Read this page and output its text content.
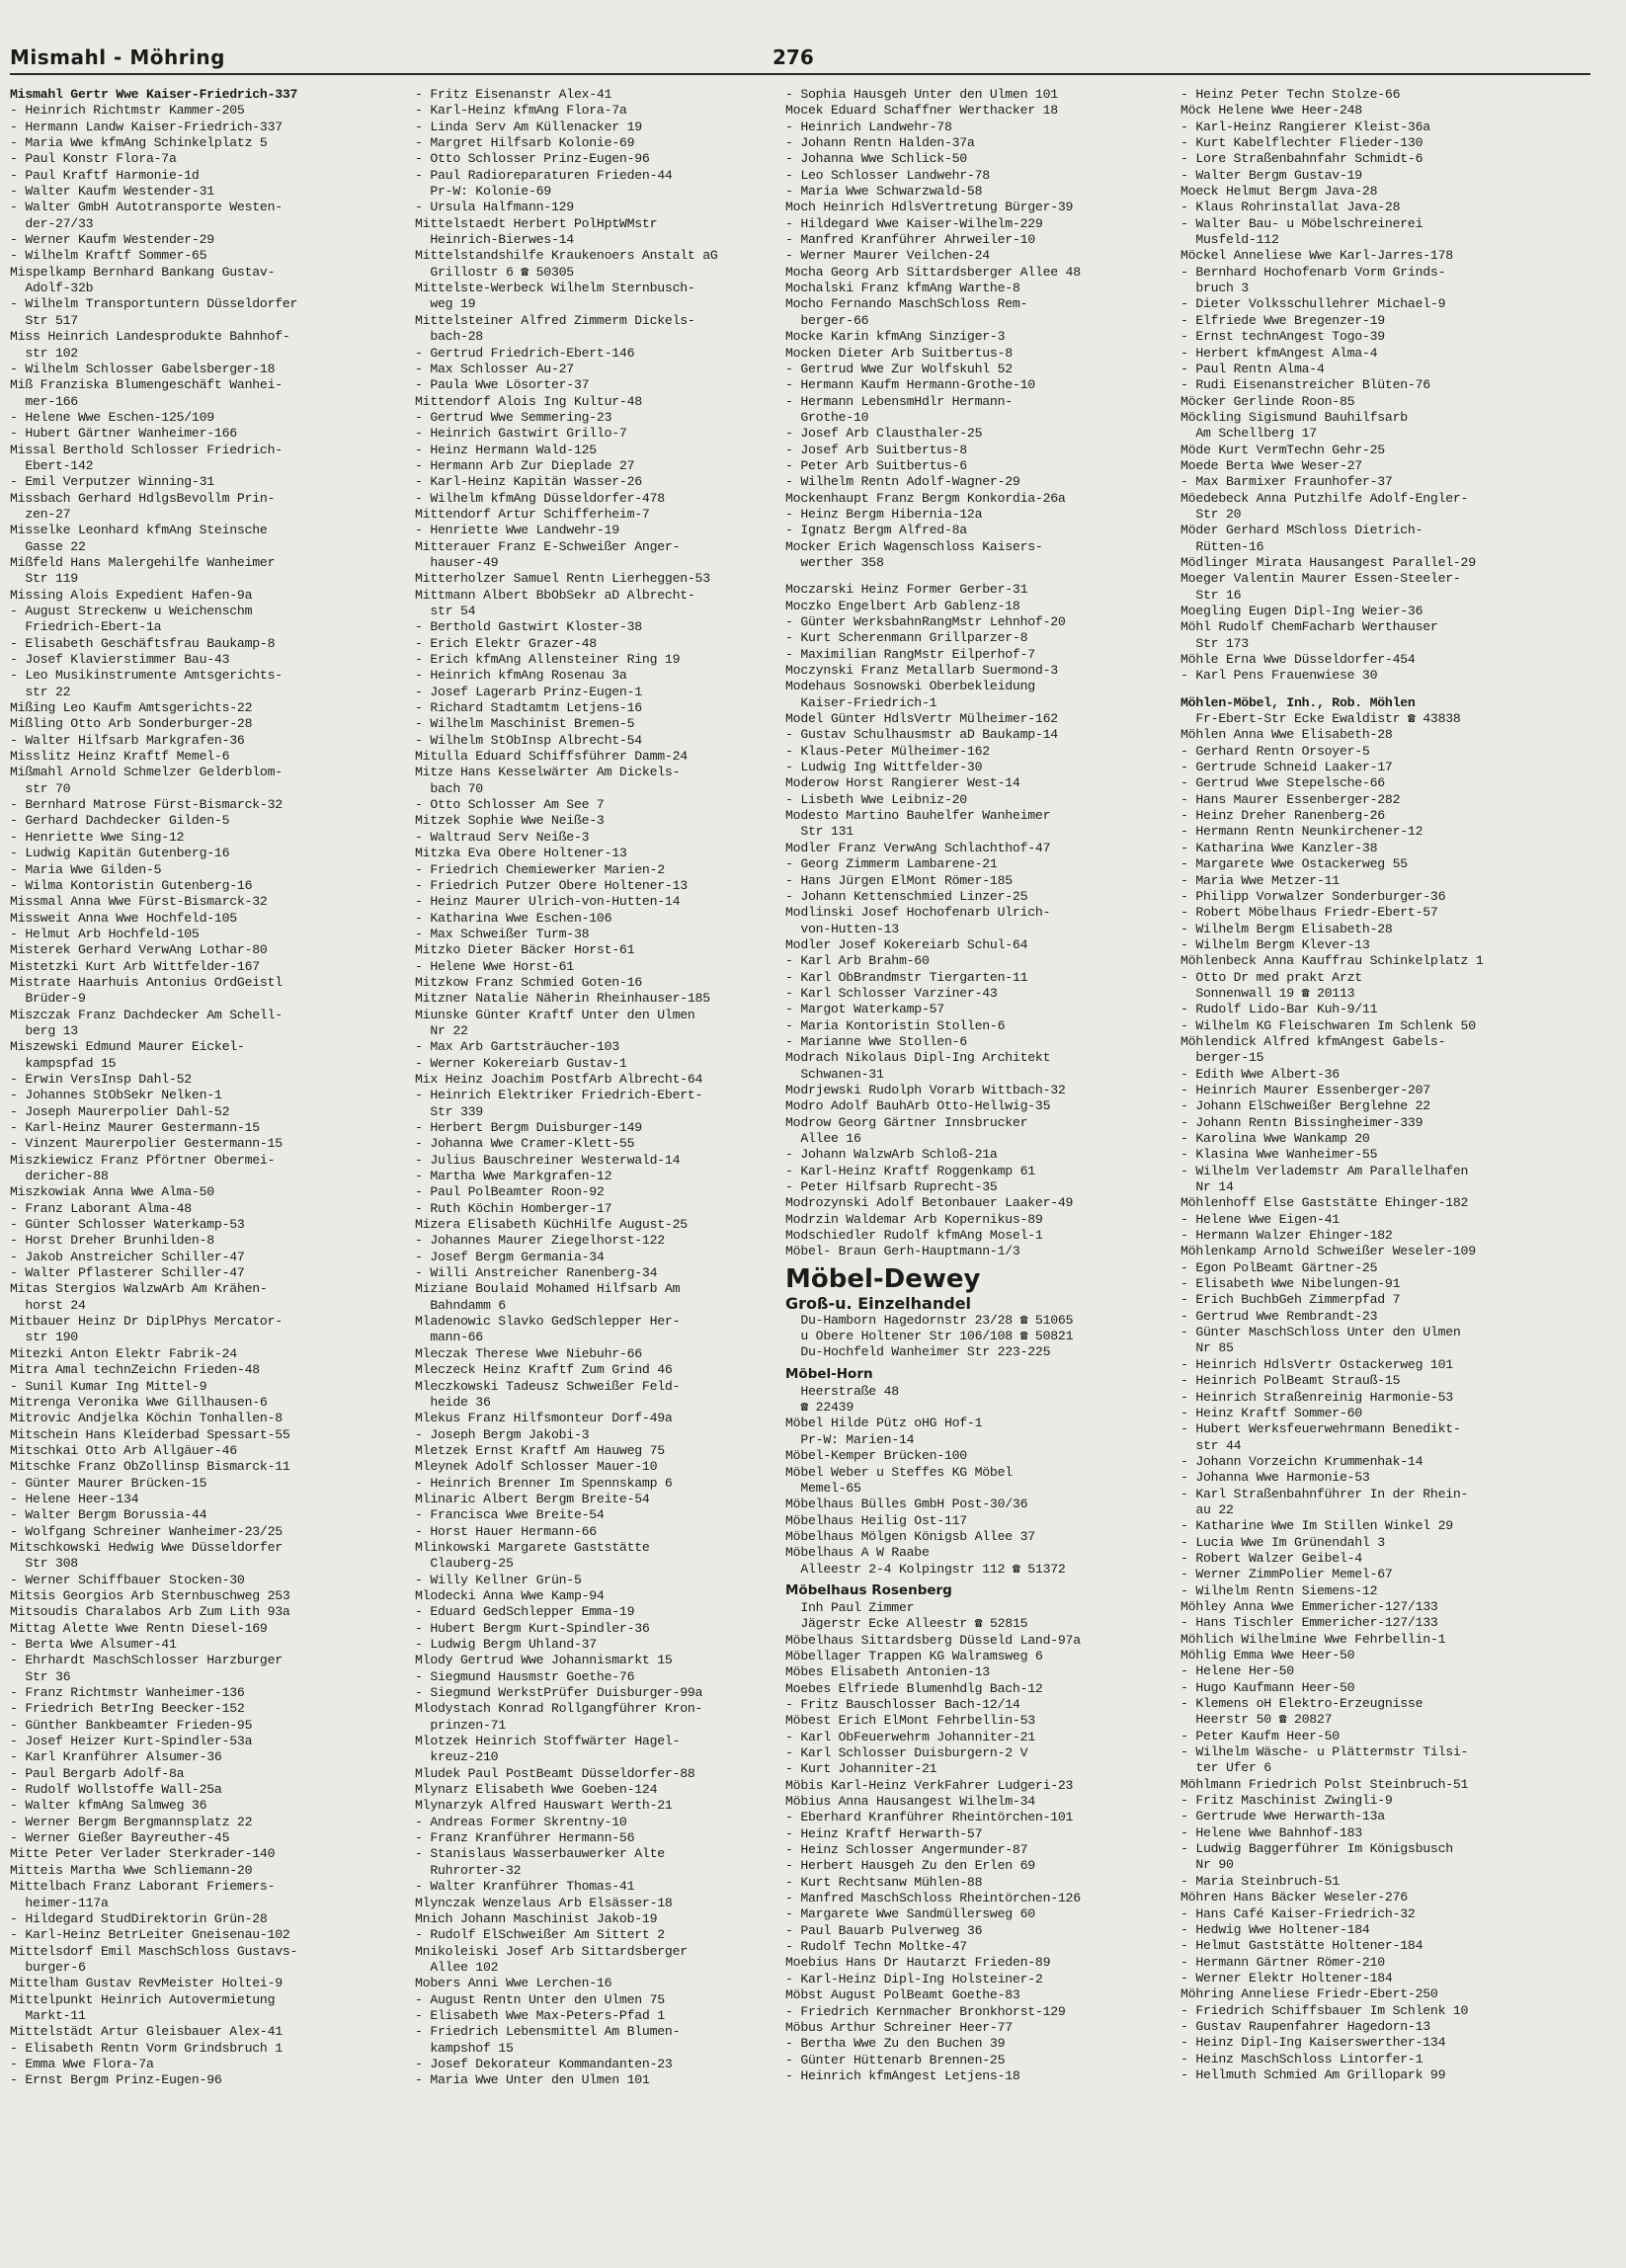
Mismahl - Möhring	276
Mismahl Gertr Wwe Kaiser-Friedrich-337
- Heinrich Richtmstr Kammer-205
- Hermann Landw Kaiser-Friedrich-337
- Maria Wwe kfmAng Schinkelplatz 5
- Paul Konstr Flora-7a
- Paul Kraftf Harmonie-1d
- Walter Kaufm Westender-31
- Walter GmbH Autotransporte Westen-
der-27/33
- Werner Kaufm Westender-29
- Wilhelm Kraftf Sommer-65
Mispelkamp Bernhard Bankang Gustav-
Adolf-32b
- Wilhelm Transportuntern Düsseldorfer
Str 517
Miss Heinrich Landesprodukte Bahnhof-
str 102
- Wilhelm Schlosser Gabelsberger-18
Miß Franziska Blumengeschäft Wanhei-
mer-166
- Helene Wwe Eschen-125/109
- Hubert Gärtner Wanheimer-166
Missal Berthold Schlosser Friedrich-
Ebert-142
- Emil Verputzer Winning-31
Missbach Gerhard HdlgsBevollm Prin-
zen-27
Misselke Leonhard kfmAng Steinsche
Gasse 22
Mißfeld Hans Malergehilfe Wanheimer
Str 119
Missing Alois Expedient Hafen-9a
- August Streckenw u Weichenschm
Friedrich-Ebert-1a
- Elisabeth Geschäftsfrau Baukamp-8
- Josef Klavierstimmer Bau-43
- Leo Musikinstrumente Amtsgerichts-
str 22
Mißing Leo Kaufm Amtsgerichts-22
Mißling Otto Arb Sonderburger-28
- Walter Hilfsarb Markgrafen-36
Misslitz Heinz Kraftf Memel-6
Mißmahl Arnold Schmelzer Gelderblom-
str 70
- Bernhard Matrose Fürst-Bismarck-32
- Gerhard Dachdecker Gilden-5
- Henriette Wwe Sing-12
- Ludwig Kapitän Gutenberg-16
- Maria Wwe Gilden-5
- Wilma Kontoristin Gutenberg-16
Missmal Anna Wwe Fürst-Bismarck-32
Missweit Anna Wwe Hochfeld-105
- Helmut Arb Hochfeld-105
Misterek Gerhard VerwAng Lothar-80
Mistetzki Kurt Arb Wittfelder-167
Mistrate Haarhuis Antonius OrdGeistl
Brüder-9
Miszczak Franz Dachdecker Am Schell-
berg 13
Miszewski Edmund Maurer Eickel-
kampspfad 15
- Erwin VersInsp Dahl-52
- Johannes StObSekr Nelken-1
- Joseph Maurerpolier Dahl-52
- Karl-Heinz Maurer Gestermann-15
- Vinzent Maurerpolier Gestermann-15
Miszkiewicz Franz Pförtner Obermei-
dericher-88
Miszkowiak Anna Wwe Alma-50
- Franz Laborant Alma-48
- Günter Schlosser Waterkamp-53
- Horst Dreher Brunhilden-8
- Jakob Anstreicher Schiller-47
- Walter Pflasterer Schiller-47
Mitas Stergios WalzwArb Am Krähen-
horst 24
Mitbauer Heinz Dr DiplPhys Mercator-
str 190
Mitezki Anton Elektr Fabrik-24
Mitra Amal technZeichn Frieden-48
- Sunil Kumar Ing Mittel-9
Mitrenga Veronika Wwe Gillhausen-6
Mitrovic Andjelka Köchin Tonhallen-8
Mitschein Hans Kleiderbad Spessart-55
Mitschkai Otto Arb Allgäuer-46
Mitschke Franz ObZollinsp Bismarck-11
- Günter Maurer Brücken-15
- Helene Heer-134
- Walter Bergm Borussia-44
- Wolfgang Schreiner Wanheimer-23/25
Mitschkowski Hedwig Wwe Düsseldorfer
Str 308
- Werner Schiffbauer Stocken-30
Mitsis Georgios Arb Sternbuschweg 253
Mitsoudis Charalabos Arb Zum Lith 93a
Mittag Alette Wwe Rentn Diesel-169
- Berta Wwe Alsumer-41
- Ehrhardt MaschSchlosser Harzburger
Str 36
- Franz Richtmstr Wanheimer-136
- Friedrich BetrIng Beecker-152
- Günther Bankbeamter Frieden-95
- Josef Heizer Kurt-Spindler-53a
- Karl Kranführer Alsumer-36
- Paul Bergarb Adolf-8a
- Rudolf Wollstoffe Wall-25a
- Walter kfmAng Salmweg 36
- Werner Bergm Bergmannsplatz 22
- Werner Gießer Bayreuther-45
Mitte Peter Verlader Sterkrader-140
Mitteis Martha Wwe Schliemann-20
Mittelbach Franz Laborant Friemers-
heimer-117a
- Hildegard StudDirektorin Grün-28
- Karl-Heinz BetrLeiter Gneisenau-102
Mittelsdorf Emil MaschSchloss Gustavs-
burger-6
Mittelham Gustav RevMeister Holtei-9
Mittelpunkt Heinrich Autovermietung
Markt-11
Mittelstädt Artur Gleisbauer Alex-41
- Elisabeth Rentn Vorm Grindsbruch 1
- Emma Wwe Flora-7a
- Ernst Bergm Prinz-Eugen-96
- Fritz Eisenanstr Alex-41
- Karl-Heinz kfmAng Flora-7a
- Linda Serv Am Küllenacker 19
- Margret Hilfsarb Kolonie-69
- Otto Schlosser Prinz-Eugen-96
- Paul Radioreparaturen Frieden-44
Pr-W: Kolonie-69
- Ursula Halfmann-129
Mittelstaedt Herbert PolHptWMstr
Heinrich-Bierwes-14
Mittelstandshilfe Kraukenoers Anstalt aG
Grillostr 6 ☎ 50305
Mittelste-Werbeck Wilhelm Sternbusch-
weg 19
Mittelsteiner Alfred Zimmerm Dickels-
bach-28
- Gertrud Friedrich-Ebert-146
- Max Schlosser Au-27
- Paula Wwe Lösorter-37
Mittendorf Alois Ing Kultur-48
- Gertrud Wwe Semmering-23
- Heinrich Gastwirt Grillo-7
- Heinz Hermann Wald-125
- Hermann Arb Zur Dieplade 27
- Karl-Heinz Kapitän Wasser-26
- Wilhelm kfmAng Düsseldorfer-478
Mittendorf Artur Schifferheim-7
- Henriette Wwe Landwehr-19
Mitterauer Franz E-Schweißer Anger-
hauser-49
Mitterholzer Samuel Rentn Lierheggen-53
Mittmann Albert BbObSekr aD Albrecht-
str 54
- Berthold Gastwirt Kloster-38
- Erich Elektr Grazer-48
- Erich kfmAng Allensteiner Ring 19
- Heinrich kfmAng Rosenau 3a
- Josef Lagerarb Prinz-Eugen-1
- Richard Stadtamtm Letjens-16
- Wilhelm Maschinist Bremen-5
- Wilhelm StObInsp Albrecht-54
Mitulla Eduard Schiffsführer Damm-24
Mitze Hans Kesselwärter Am Dickels-
bach 70
- Otto Schlosser Am See 7
Mitzek Sophie Wwe Neiße-3
- Waltraud Serv Neiße-3
Mitzka Eva Obere Holtener-13
- Friedrich Chemiewerker Marien-2
- Friedrich Putzer Obere Holtener-13
- Heinz Maurer Ulrich-von-Hutten-14
- Katharina Wwe Eschen-106
- Max Schweißer Turm-38
Mitzko Dieter Bäcker Horst-61
- Helene Wwe Horst-61
Mitzkow Franz Schmied Goten-16
Mitzner Natalie Näherin Rheinhauser-185
Miunske Günter Kraftf Unter den Ulmen
Nr 22
- Max Arb Gartsträucher-103
- Werner Kokereiarb Gustav-1
Mix Heinz Joachim PostfArb Albrecht-64
- Heinrich Elektriker Friedrich-Ebert-
Str 339
- Herbert Bergm Duisburger-149
- Johanna Wwe Cramer-Klett-55
- Julius Bauschreiner Westerwald-14
- Martha Wwe Markgrafen-12
- Paul PolBeamter Roon-92
- Ruth Köchin Homberger-17
Mizera Elisabeth KüchHilfe August-25
- Johannes Maurer Ziegelhorst-122
- Josef Bergm Germania-34
- Willi Anstreicher Ranenberg-34
Miziane Boulaid Mohamed Hilfsarb Am
Bahndamm 6
Mladenowic Slavko GedSchlepper Her-
mann-66
Mleczak Therese Wwe Niebuhr-66
Mleczeck Heinz Kraftf Zum Grind 46
Mleczkowski Tadeusz Schweißer Feld-
heide 36
Mlekus Franz Hilfsmonteur Dorf-49a
- Joseph Bergm Jakobi-3
Mletzek Ernst Kraftf Am Hauweg 75
Mleynek Adolf Schlosser Mauer-10
- Heinrich Brenner Im Spennskamp 6
Mlinaric Albert Bergm Breite-54
- Francisca Wwe Breite-54
- Horst Hauer Hermann-66
Mlinkowski Margarete Gaststätte
Clauberg-25
- Willy Kellner Grün-5
Mlodecki Anna Wwe Kamp-94
- Eduard GedSchlepper Emma-19
- Hubert Bergm Kurt-Spindler-36
- Ludwig Bergm Uhland-37
Mlody Gertrud Wwe Johannismarkt 15
- Siegmund Hausmstr Goethe-76
- Siegmund WerkstPrüfer Duisburger-99a
Mlodystach Konrad Rollgangführer Kron-
prinzen-71
Mlotzek Heinrich Stoffwärter Hagel-
kreuz-210
Mludek Paul PostBeamt Düsseldorfer-88
Mlynarz Elisabeth Wwe Goeben-124
Mlynarzyk Alfred Hauswart Werth-21
- Andreas Former Skrentny-10
- Franz Kranführer Hermann-56
- Stanislaus Wasserbauwerker Alte
Ruhrorter-32
- Walter Kranführer Thomas-41
Mlynczak Wenzelaus Arb Elsässer-18
Mnich Johann Maschinist Jakob-19
- Rudolf ElSchweißer Am Sittert 2
Mnikoleiski Josef Arb Sittardsberger
Allee 102
Mobers Anni Wwe Lerchen-16
- August Rentn Unter den Ulmen 75
- Elisabeth Wwe Max-Peters-Pfad 1
- Friedrich Lebensmittel Am Blumen-
kampshof 15
- Josef Dekorateur Kommandanten-23
- Maria Wwe Unter den Ulmen 101
- Sophia Hausgeh Unter den Ulmen 101
Mocek Eduard Schaffner Werthacker 18
- Heinrich Landwehr-78
- Johann Rentn Halden-37a
- Johanna Wwe Schlick-50
- Leo Schlosser Landwehr-78
- Maria Wwe Schwarzwald-58
Moch Heinrich HdlsVertretung Bürger-39
- Hildegard Wwe Kaiser-Wilhelm-229
- Manfred Kranführer Ahrweiler-10
- Werner Maurer Veilchen-24
Mocha Georg Arb Sittardsberger Allee 48
Mochalski Franz kfmAng Warthe-8
Mocho Fernando MaschSchloss Rem-
berger-66
Mocke Karin kfmAng Sinziger-3
Mocken Dieter Arb Suitbertus-8
- Gertrud Wwe Zur Wolfskuhl 52
- Hermann Kaufm Hermann-Grothe-10
- Hermann LebensmHdlr Hermann-
Grothe-10
- Josef Arb Clausthaler-25
- Josef Arb Suitbertus-8
- Peter Arb Suitbertus-6
- Wilhelm Rentn Adolf-Wagner-29
Mockenhaupt Franz Bergm Konkordia-26a
- Heinz Bergm Hibernia-12a
- Ignatz Bergm Alfred-8a
Mocker Erich Wagenschloss Kaisers-
werther 358
Moczarski Heinz Former Gerber-31
Moczko Engelbert Arb Gablenz-18
- Günter WerksbahnRangMstr Lehnhof-20
- Kurt Scherenmann Grillparzer-8
- Maximilian RangMstr Eilperhof-7
Moczynski Franz Metallarb Suermond-3
Modehaus Sosnowski Oberbekleidung
Kaiser-Friedrich-1
Model Günter HdlsVertr Mülheimer-162
- Gustav Schulhausmstr aD Baukamp-14
- Klaus-Peter Mülheimer-162
- Ludwig Ing Wittfelder-30
Moderow Horst Rangierer West-14
- Lisbeth Wwe Leibniz-20
Modesto Martino Bauhelfer Wanheimer
Str 131
Modler Franz VerwAng Schlachthof-47
- Georg Zimmerm Lambarene-21
- Hans Jürgen ElMont Römer-185
- Johann Kettenschmied Linzer-25
Modlinski Josef Hochofenarb Ulrich-
von-Hutten-13
Modler Josef Kokereiarb Schul-64
- Karl Arb Brahm-60
- Karl ObBrandmstr Tiergarten-11
- Karl Schlosser Varziner-43
- Margot Waterkamp-57
- Maria Kontoristin Stollen-6
- Marianne Wwe Stollen-6
Modrach Nikolaus Dipl-Ing Architekt
Schwanen-31
Modrjewski Rudolph Vorarb Wittbach-32
Modro Adolf BauhArb Otto-Hellwig-35
Modrow Georg Gärtner Innsbrucker
Allee 16
- Johann WalzwArb Schloß-21a
- Karl-Heinz Kraftf Roggenkamp 61
- Peter Hilfsarb Ruprecht-35
Modrozynski Adolf Betonbauer Laaker-49
Modrzin Waldemar Arb Kopernikus-89
Modschiedler Rudolf kfmAng Mosel-1
Möbel- Braun Gerh-Hauptmann-1/3
Möbel-Dewey
Groß-u. Einzelhandel
Du-Hamborn Hagedornstr 23/28 ☎ 51065
u Obere Holtener Str 106/108 ☎ 50821
Du-Hochfeld Wanheimer Str 223-225
Möbel-Horn
Heerstraße 48
☎ 22439
Möbel Hilde Pütz oHG Hof-1
Pr-W: Marien-14
Möbel-Kemper Brücken-100
Möbel Weber u Steffes KG Möbel
Memel-65
Möbelhaus Bülles GmbH Post-30/36
Möbelhaus Heilig Ost-117
Möbelhaus Mölgen Königsb Allee 37
Möbelhaus A W Raabe
Alleestr 2-4 Kolpingstr 112 ☎ 51372
Möbelhaus Rosenberg
Inh Paul Zimmer
Jägerstr Ecke Alleestr ☎ 52815
Möbelhaus Sittardsberg Düsseld Land-97a
Möbellager Trappen KG Walramsweg 6
Möbes Elisabeth Antonien-13
Moebes Elfriede Blumenhdlg Bach-12
- Fritz Bauschlosser Bach-12/14
Möbest Erich ElMont Fehrbellin-53
- Karl ObFeuerwehrm Johanniter-21
- Karl Schlosser Duisburgern-2 V
- Kurt Johanniter-21
Möbis Karl-Heinz VerkFahrer Ludgeri-23
Möbius Anna Hausangest Wilhelm-34
- Eberhard Kranführer Rheintörchen-101
- Heinz Kraftf Herwarth-57
- Heinz Schlosser Angermunder-87
- Herbert Hausgeh Zu den Erlen 69
- Kurt Rechtsanw Mühlen-88
- Manfred MaschSchloss Rheintörchen-126
- Margarete Wwe Sandmüllersweg 60
- Paul Bauarb Pulverweg 36
- Rudolf Techn Moltke-47
Moebius Hans Dr Hautarzt Frieden-89
- Karl-Heinz Dipl-Ing Holsteiner-2
Möbst August PolBeamt Goethe-83
- Friedrich Kernmacher Bronkhorst-129
Möbus Arthur Schreiner Heer-77
- Bertha Wwe Zu den Buchen 39
- Günter Hüttenarb Brennen-25
- Heinrich kfmAngest Letjens-18
- Heinz Peter Techn Stolze-66
Möck Helene Wwe Heer-248
- Karl-Heinz Rangierer Kleist-36a
- Kurt Kabelflechter Flieder-130
- Lore Straßenbahnfahr Schmidt-6
- Walter Bergm Gustav-19
Moeck Helmut Bergm Java-28
- Klaus Rohrinstallat Java-28
- Walter Bau- u Möbelschreinerei
Musfeld-112
Möckel Anneliese Wwe Karl-Jarres-178
- Bernhard Hochofenarb Vorm Grinds-
bruch 3
- Dieter Volksschullehrer Michael-9
- Elfriede Wwe Bregenzer-19
- Ernst technAngest Togo-39
- Herbert kfmAngest Alma-4
- Paul Rentn Alma-4
- Rudi Eisenanstreicher Blüten-76
Möcker Gerlinde Roon-85
Möckling Sigismund Bauhilfsarb
Am Schellberg 17
Möde Kurt VermTechn Gehr-25
Moede Berta Wwe Weser-27
- Max Barmixer Fraunhofer-37
Möedebeck Anna Putzhilfe Adolf-Engler-
Str 20
Möder Gerhard MSchloss Dietrich-
Rütten-16
Mödlinger Mirata Hausangest Parallel-29
Moeger Valentin Maurer Essen-Steeler-
Str 16
Moegling Eugen Dipl-Ing Weier-36
Möhl Rudolf ChemFacharb Werthauser
Str 173
Möhle Erna Wwe Düsseldorfer-454
- Karl Pens Frauenwiese 30
Möhlen-Möbel, Inh., Rob. Möhlen
Fr-Ebert-Str Ecke Ewaldistr ☎ 43838
Möhlen Anna Wwe Elisabeth-28
- Gerhard Rentn Orsoyer-5
- Gertrude Schneid Laaker-17
- Gertrud Wwe Stepelsche-66
- Hans Maurer Essenberger-282
- Heinz Dreher Ranenberg-26
- Hermann Rentn Neunkirchener-12
- Katharina Wwe Kanzler-38
- Margarete Wwe Ostackerweg 55
- Maria Wwe Metzer-11
- Philipp Vorwalzer Sonderburger-36
- Robert Möbelhaus Friedr-Ebert-57
- Wilhelm Bergm Elisabeth-28
- Wilhelm Bergm Klever-13
Möhlenbeck Anna Kauffrau Schinkelplatz 1
- Otto Dr med prakt Arzt
Sonnenwall 19 ☎ 20113
- Rudolf Lido-Bar Kuh-9/11
- Wilhelm KG Fleischwaren Im Schlenk 50
Möhlendick Alfred kfmAngest Gabels-
berger-15
- Edith Wwe Albert-36
- Heinrich Maurer Essenberger-207
- Johann ElSchweißer Berglehne 22
- Johann Rentn Bissingheimer-339
- Karolina Wwe Wankamp 20
- Klasina Wwe Wanheimer-55
- Wilhelm Verlademstr Am Parallelhafen
Nr 14
Möhlenhoff Else Gaststätte Ehinger-182
- Helene Wwe Eigen-41
- Hermann Walzer Ehinger-182
Möhlenkamp Arnold Schweißer Weseler-109
- Egon PolBeamt Gärtner-25
- Elisabeth Wwe Nibelungen-91
- Erich BuchbGeh Zimmerpfad 7
- Gertrud Wwe Rembrandt-23
- Günter MaschSchloss Unter den Ulmen
Nr 85
- Heinrich HdlsVertr Ostackerweg 101
- Heinrich PolBeamt Strauß-15
- Heinrich Straßenreinig Harmonie-53
- Heinz Kraftf Sommer-60
- Hubert Werksfeuerwehrmann Benedikt-
str 44
- Johann Vorzeichn Krummenhak-14
- Johanna Wwe Harmonie-53
- Karl Straßenbahnführer In der Rhein-
au 22
- Katharine Wwe Im Stillen Winkel 29
- Lucia Wwe Im Grünendahl 3
- Robert Walzer Geibel-4
- Werner ZimmPolier Memel-67
- Wilhelm Rentn Siemens-12
Möhley Anna Wwe Emmericher-127/133
- Hans Tischler Emmericher-127/133
Möhlich Wilhelmine Wwe Fehrbellin-1
Möhlig Emma Wwe Heer-50
- Helene Her-50
- Hugo Kaufmann Heer-50
- Klemens oH Elektro-Erzeugnisse
Heerstr 50 ☎ 20827
- Peter Kaufm Heer-50
- Wilhelm Wäsche- u Plättermstr Tilsi-
ter Ufer 6
Möhlmann Friedrich Polst Steinbruch-51
- Fritz Maschinist Zwingli-9
- Gertrude Wwe Herwarth-13a
- Helene Wwe Bahnhof-183
- Ludwig Baggerführer Im Königsbusch
Nr 90
- Maria Steinbruch-51
Möhren Hans Bäcker Weseler-276
- Hans Café Kaiser-Friedrich-32
- Hedwig Wwe Holtener-184
- Helmut Gaststätte Holtener-184
- Hermann Gärtner Römer-210
- Werner Elektr Holtener-184
Möhring Anneliese Friedr-Ebert-250
- Friedrich Schiffsbauer Im Schlenk 10
- Gustav Raupenfahrer Hagedorn-13
- Heinz Dipl-Ing Kaiserswerther-134
- Heinz MaschSchloss Lintorfer-1
- Hellmuth Schmied Am Grillopark 99
